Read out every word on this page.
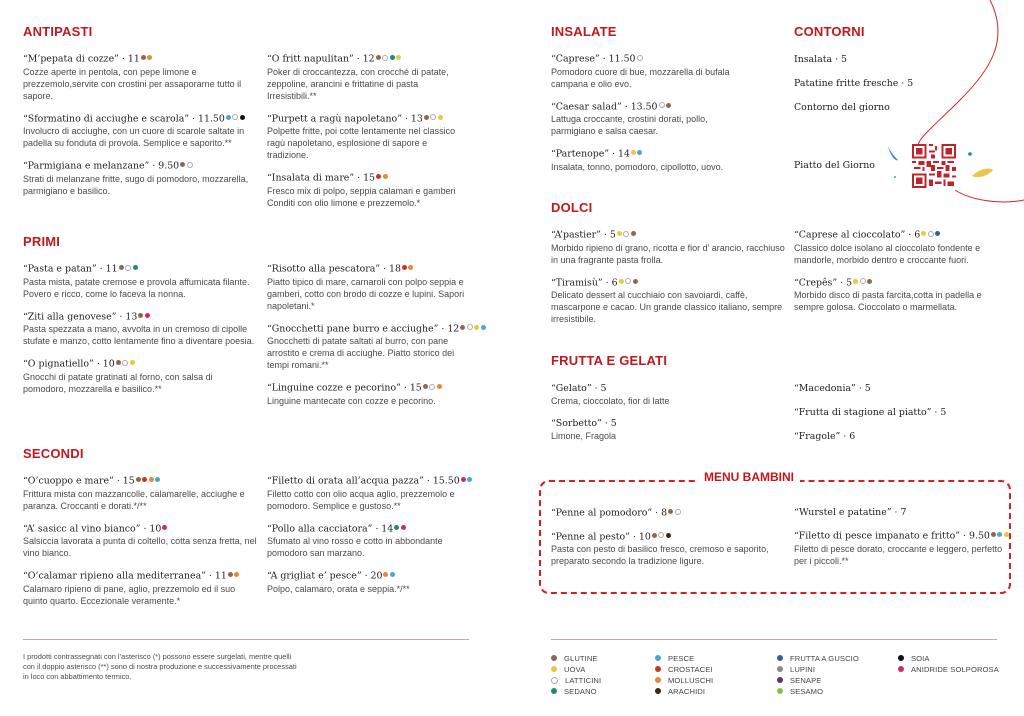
ANTIPASTI
“M’pepata di cozze” · 11
Cozze aperte in pentola, con pepe limone e prezzemolo,servite con crostini per assaporarne tutto il sapore.
“Sformatino di acciughe e scarola” · 11.50
Involucro di acciughe, con un cuore di scarole saltate in padella su fonduta di provola. Semplice e saporito.**
“Parmigiana e melanzane” · 9.50
Strati di melanzane fritte, sugo di pomodoro, mozzarella, parmigiano e basilico.
“O fritt napulitan” · 12
Poker di croccantezza, con crocché di patate, zeppoline, arancini e frittatine di pasta Irresistibili.**
“Purpett a ragù napoletano” · 13
Polpette fritte, poi cotte lentamente nel classico ragù napoletano, esplosione di sapore e tradizione.
“Insalata di mare” · 15
Fresco mix di polpo, seppia calamari e gamberi Conditi con olio limone e prezzemolo.*
PRIMI
“Pasta e patan” · 11
Pasta mista, patate cremose e provola affumicata filante. Povero e ricco, come lo faceva la nonna.
“Ziti alla genovese” · 13
Pasta spezzata a mano, avvolta in un cremoso di cipolle stufate e manzo, cotto lentamente fino a diventare poesia.
“O pignatiello” · 10
Gnocchi di patate gratinati al forno, con salsa di pomodoro, mozzarella e basilico.**
“Risotto alla pescatora” · 18
Piatto tipico di mare, carnaroli con polpo seppia e gamberi, cotto con brodo di cozze e lupini. Sapori napoletani.*
“Gnocchetti pane burro e acciughe” · 12
Gnocchetti di patate saltati al burro, con pane arrostito e crema di acciughe. Piatto storico dei tempi romani.**
“Linguine cozze e pecorino” · 15
Linguine mantecate con cozze e pecorino.
SECONDI
“O’cuoppo e mare” · 15
Frittura mista con mazzancolle, calamarelle, acciughe e paranza. Croccanti e dorati.*/**
“A’ sasicc al vino bianco” · 10
Salsiccia lavorata a punta di coltello, cotta senza fretta, nel vino bianco.
“O’calamar ripieno alla mediterranea” · 11
Calamaro ripieno di pane, aglio, prezzemolo ed il suo quinto quarto. Eccezionale veramente.*
“Filetto di orata all’acqua pazza” · 15.50
Filetto cotto con olio acqua aglio, prezzemolo e pomodoro. Semplice e gustoso.**
“Pollo alla cacciatora” · 14
Sfumato al vino rosso e cotto in abbondante pomodoro san marzano.
“A grigliat e’ pesce” · 20
Polpo, calamaro, orata e seppia.*/**
I prodotti contrassegnati con l’asterisco (*) possono essere surgelati, mentre quelli con il doppio asterisco (**) sono di nostra produzione e successivamente processati in loco con abbattimento termico.
INSALATE
“Caprese” · 11.50
Pomodoro cuore di bue, mozzarella di bufala campana e olio evo.
“Caesar salad” · 13.50
Lattuga croccante, crostini dorati, pollo, parmigiano e salsa caesar.
“Partenope” · 14
Insalata, tonno, pomodoro, cipollotto, uovo.
CONTORNI
Insalata · 5
Patatine fritte fresche · 5
Contorno del giorno
Piatto del Giorno
DOLCI
“A’pastier” · 5
Morbido ripieno di grano, ricotta e fior d’ arancio, racchiuso in una fragrante pasta frolla.
“Tiramisù” · 6
Delicato dessert al cucchiaio con savoiardi, caffè, mascarpone e cacao. Un grande classico italiano, sempre irresistibile.
“Caprese al cioccolato” · 6
Classico dolce isolano al cioccolato fondente e mandorle, morbido dentro e croccante fuori.
“Crepês” · 5
Morbido disco di pasta farcita,cotta in padella e sempre golosa. Cioccolato o marmellata.
FRUTTA E GELATI
“Gelato” · 5
Crema, cioccolato, fior di latte
“Sorbetto” · 5
Limone, Fragola
“Macedonia” · 5
“Frutta di stagione al piatto” · 5
“Fragole” · 6
MENU BAMBINI
“Penne al pomodoro” · 8
“Penne al pesto” · 10
Pasta con pesto di basilico fresco, cremoso e saporito, preparato secondo la tradizione ligure.
“Wurstel e patatine” · 7
“Filetto di pesce impanato e fritto” · 9.50
Filetto di pesce dorato, croccante e leggero, perfetto per i piccoli.**
GLUTINE
UOVA
LATTICINI
SEDANO
PESCE
CROSTACEI
MOLLUSCHI
ARACHIDI
FRUTTA A GUSCIO
LUPINI
SENAPE
SESAMO
SOIA
ANIDRIDE SOLPOROSA
